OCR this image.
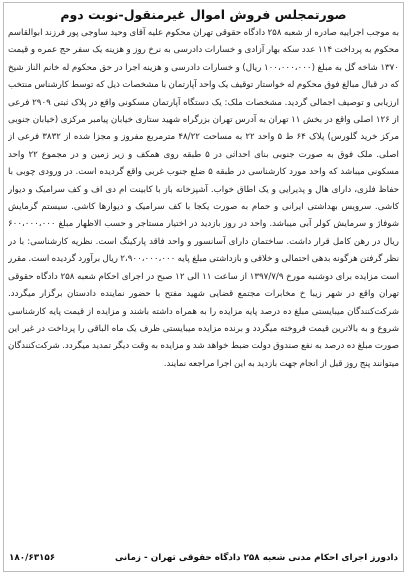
صورتمجلس فروش اموال غیرمنقول-نوبت دوم

به موجب اجراییه صادره از شعبه ۲۵۸ دادگاه حقوقی تهران محکوم علیه آقای وحید ساوجی پور فرزند ابوالقاسم محکوم به پرداخت ۱۱۴ عدد سکه بهار آزادی و خسارات دادرسی به نرخ روز و هزینه یک سفر حج عمره و قیمت ۱۳۷۰ شاخه گل به مبلغ (۱۰۰،۰۰۰،۰۰۰ ریال) و خسارات دادرسی و هزینه اجرا در حق محکوم له خانم الناز شیخ که در قبال مبالغ فوق محکوم له خواستار توقیف یک واحد آپارتمان با مشخصات ذیل که توسط کارشناس منتخب ارزیابی و توصیف اجمالی گردید. مشخصات ملک: یک دستگاه آپارتمان مسکونی واقع در پلاک ثبتی ۲۹۰۹ فرعی از ۱۲۶ اصلی واقع در بخش ۱۱ تهران به آدرس تهران بزرگراه شهید ستاری خیابان پیامبر مرکزی (خیابان جنوبی مرکز خرید گلورس) پلاک ۶۴ ط ۵ واحد ۲۲ به مساحت ۴۸/۲۲ مترمربع مفروز و مجزا شده از ۳۸۳۲ فرعی از اصلی. ملک فوق به صورت جنوبی بنای احداثی در ۵ طبقه روی همکف و زیر زمین و در مجموع ۲۲ واحد مسکونی میباشد که واحد مورد کارشناسی در طبقه ۵ ضلع جنوب غربی واقع گردیده است. در ورودی چوبی با حفاظ فلزی، دارای هال و پذیرایی و یک اطاق خواب. آشپزخانه باز با کابینت ام دی اف و کف سرامیک و دیوار کاشی. سرویس بهداشتی ایرانی و حمام به صورت یکجا با کف سرامیک و دیوارها کاشی. سیستم گرمایش شوفاژ و سرمایش کولر آبی میباشد. واحد در روز بازدید در اختیار مستاجر و حسب الاظهار مبلغ ۶۰۰،۰۰۰،۰۰۰ ریال در رهن کامل قرار داشت. ساختمان دارای آسانسور و واحد فاقد پارکینگ است. نظریه کارشناسی: با در نظر گرفتن هرگونه بدهی احتمالی و خلافی و بازداشتی مبلغ پایه ۲،۹۰۰،۰۰۰،۰۰۰ ریال برآورد گردیده است. مقرر است مزایده برای دوشنبه مورخ ۱۳۹۷/۷/۹ از ساعت ۱۱ الی ۱۲ صبح در اجرای احکام شعبه ۲۵۸ دادگاه حقوقی تهران واقع در شهر زیبا خ مخابرات مجتمع قضایی شهید مفتح با حضور نماینده دادستان برگزار میگردد. شرکت‌کنندگان میبایستی مبلغ ده درصد پایه مزایده را به همراه داشته باشند و مزایده از قیمت پایه کارشناسی شروع و به بالاترین قیمت فروخته میگردد و برنده مزایده میبایستی ظرف یک ماه الباقی را پرداخت در غیر این صورت مبلغ ده درصد به نفع صندوق دولت ضبط خواهد شد و مزایده به وقت دیگر تمدید میگردد. شرکت‌کنندگان میتوانند پنج روز قبل از انجام جهت بازدید به این اجرا مراجعه نمایند.

دادورز اجرای احکام مدنی شعبه ۲۵۸ دادگاه حقوقی تهران - زمانی
۱۸۰/۶۳۱۵۶
